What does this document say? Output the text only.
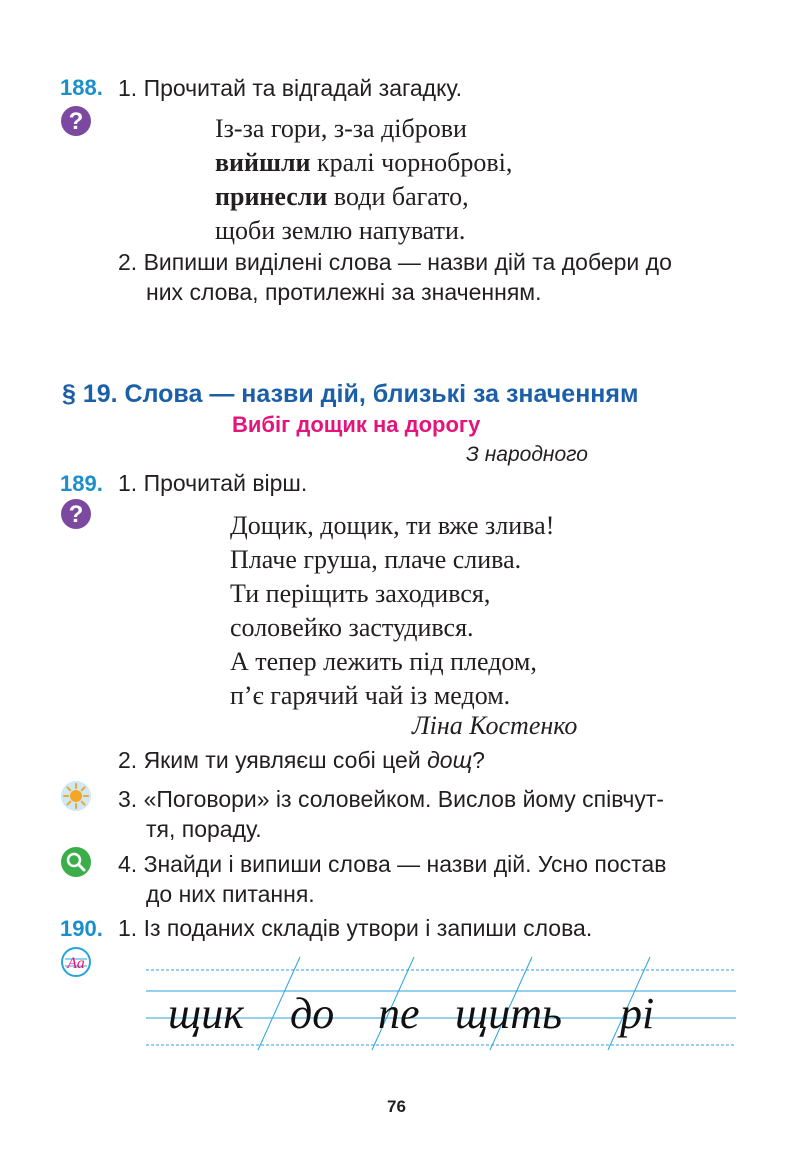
188. 1. Прочитай та відгадай загадку.
?	Із-за гори, з-за діброви
вийшли кралі чорноброві,
принесли води багато,
щоби землю напувати.
2. Випиши виділені слова — назви дій та добери до
них слова, протилежні за значенням.
§ 19. Слова — назви дій, близькі за значенням
Вибіг дощик на дорогу
З народного
189. 1. Прочитай вірш.
?	Дощик, дощик, ти вже злива!
Плаче груша, плаче слива.
Ти періщить заходився,
соловейко застудився.
А тепер лежить під пледом,
п’є гарячий чай із медом.
Ліна Костенко
2. Яким ти уявляєш собі цей дощ?
3. «Поговори» із соловейком. Вислов йому співчут-
тя, пораду.
4. Знайди і випиши слова — назви дій. Усно постав
до них питання.
190. 1. Із поданих складів утвори і запиши слова.
Аа
щик до пе щить рі
76
